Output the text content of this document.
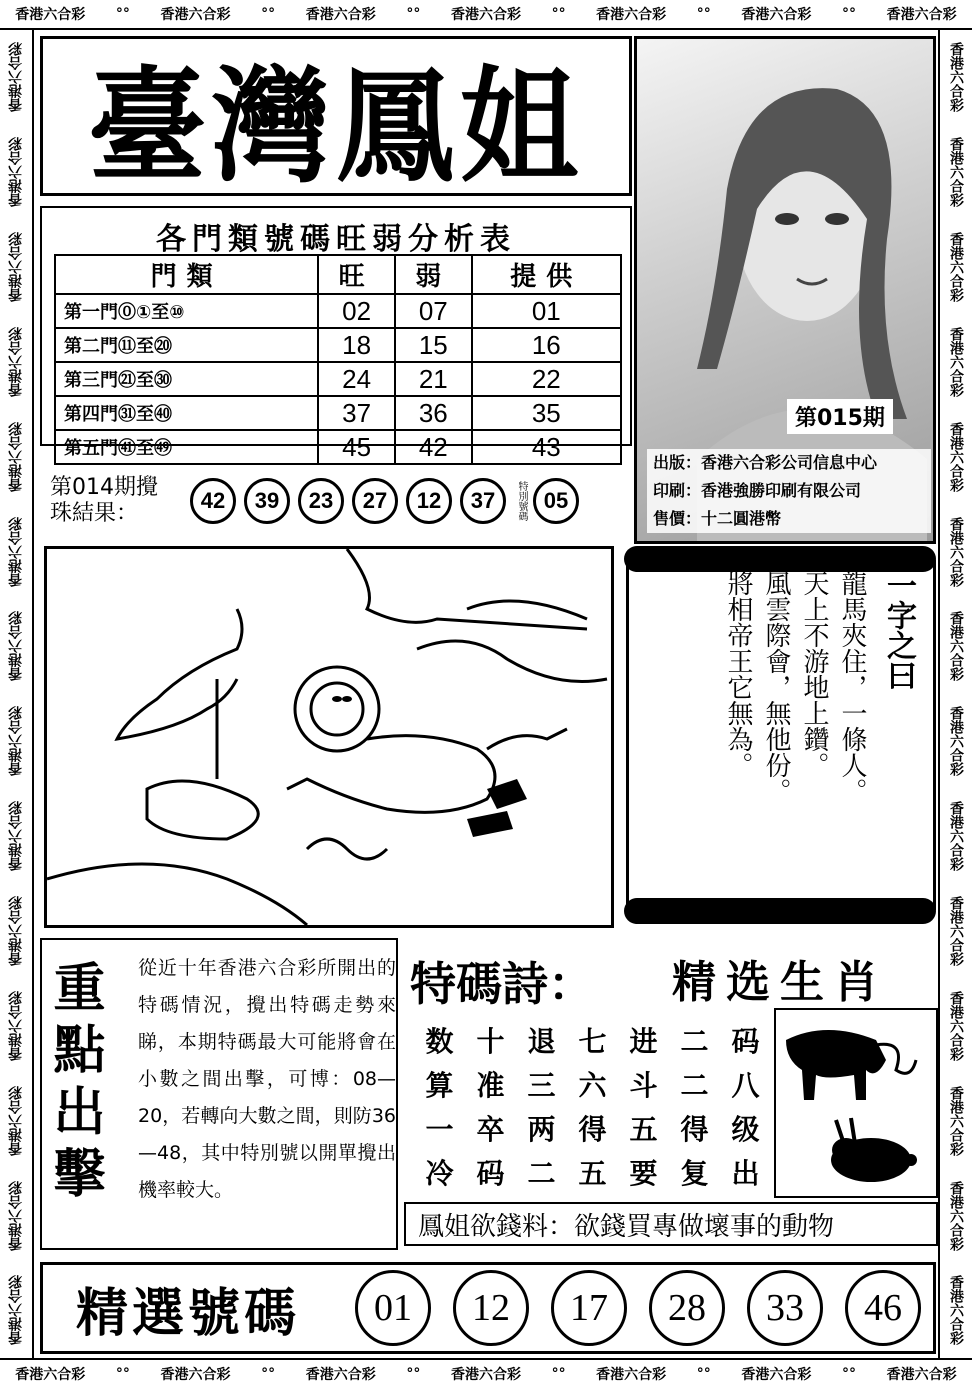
香港六合彩 °° 香港六合彩 °° 香港六合彩 °° 香港六合彩 °° 香港六合彩 °° 香港六合彩 °° 香港六合彩
香港六合彩 °° 香港六合彩 °° 香港六合彩 °° 香港六合彩 °° 香港六合彩 °° 香港六合彩 °° 香港六合彩
香港六合彩
香港六合彩
香港六合彩
香港六合彩
香港六合彩
香港六合彩
香港六合彩
香港六合彩
香港六合彩
香港六合彩
香港六合彩
香港六合彩
香港六合彩
香港六合彩
香港六合彩
香港六合彩
香港六合彩
香港六合彩
香港六合彩
香港六合彩
香港六合彩
香港六合彩
香港六合彩
香港六合彩
香港六合彩
香港六合彩
香港六合彩
香港六合彩
臺灣鳳姐
各門類號碼旺弱分析表
門類	旺	弱	提供
第一門⓪①至⑩	02	07	01
第二門⑪至⑳	18	15	16
第三門㉑至㉚	24	21	22
第四門㉛至㊵	37	36	35
第五門㊶至㊾	45	42	43
第015期
出版：香港六合彩公司信息中心
印刷：香港強勝印刷有限公司
售價：十二圓港幣
第014期攪
珠結果：
42	39	23	27	12	37	特別號碼 05
一字之曰
龍馬夾住，一條人。
天上不游地上鑽。
風雲際會，無他份。
將相帝王它無為。
重點出擊	從近十年香港六合彩所開出的特碼情況，攪出特碼走勢來睇，本期特碼最大可能將會在小數之間出擊，可博：08—20，若轉向大數之間，則防36—48，其中特別號以開單攪出機率較大。
特碼詩： 精选生肖
数 十 退 七 进 二 码
算 准 三 六 斗 二 八
一 卒 两 得 五 得 级
冷 码 二 五 要 复 出
鳳姐欲錢料：欲錢買專做壞事的動物
精選號碼	01	12	17	28	33	46
